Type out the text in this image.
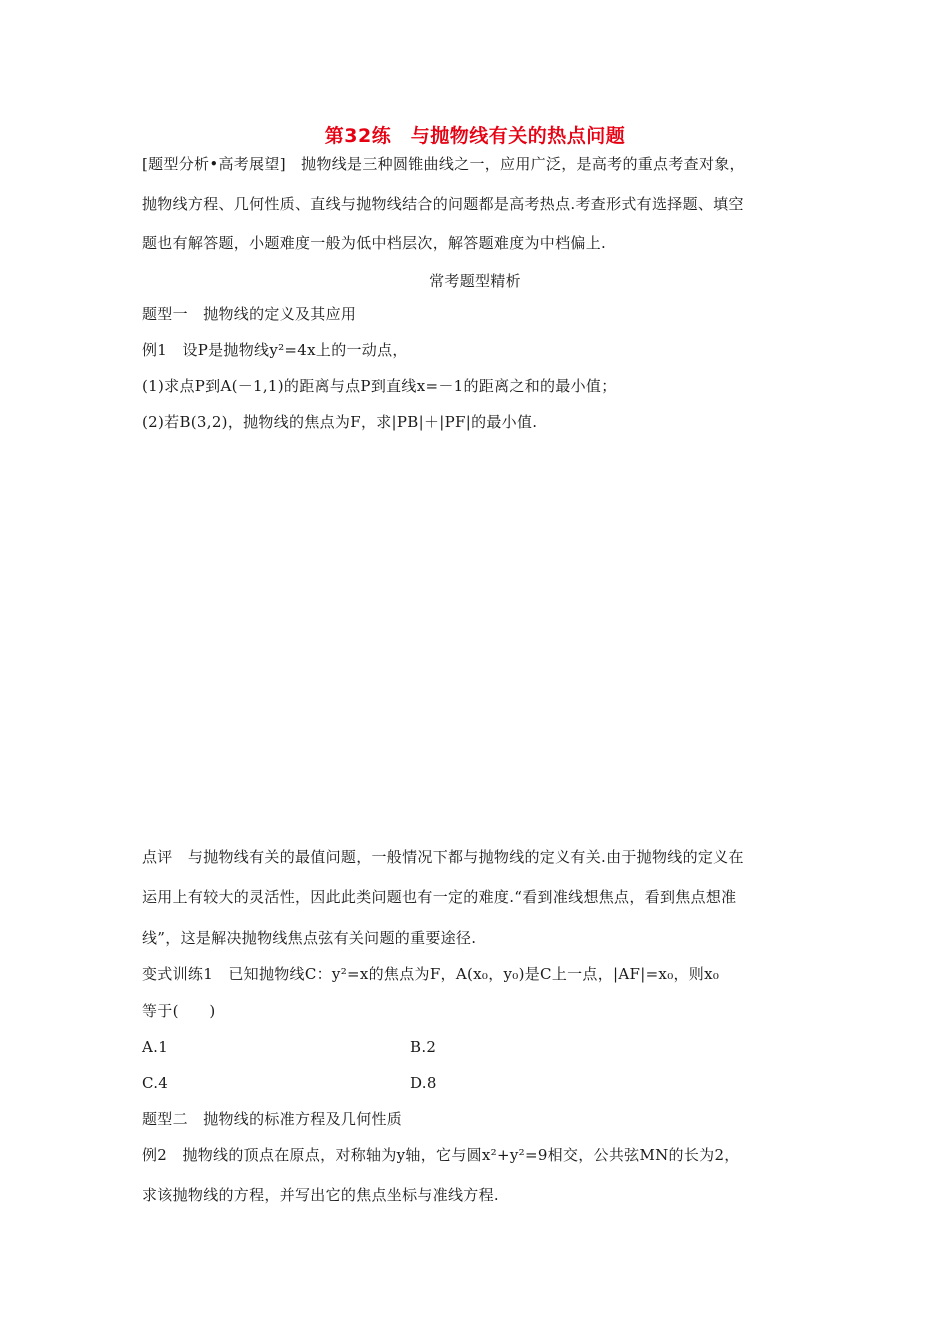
第32练　与抛物线有关的热点问题
[题型分析•高考展望]　抛物线是三种圆锥曲线之一，应用广泛，是高考的重点考查对象，
抛物线方程、几何性质、直线与抛物线结合的问题都是高考热点.考查形式有选择题、填空
题也有解答题，小题难度一般为低中档层次，解答题难度为中档偏上.
常考题型精析
题型一　抛物线的定义及其应用
例1　设P是抛物线y²=4x上的一动点，
(1)求点P到A(－1,1)的距离与点P到直线x=－1的距离之和的最小值；
(2)若B(3,2)，抛物线的焦点为F，求|PB|＋|PF|的最小值.
点评　与抛物线有关的最值问题，一般情况下都与抛物线的定义有关.由于抛物线的定义在
运用上有较大的灵活性，因此此类问题也有一定的难度.“看到准线想焦点，看到焦点想准
线”，这是解决抛物线焦点弦有关问题的重要途径.
变式训练1　已知抛物线C：y²=x的焦点为F，A(x₀，y₀)是C上一点，|AF|=x₀，则x₀
等于(　　)
A.1	B.2
C.4	D.8
题型二　抛物线的标准方程及几何性质
例2　抛物线的顶点在原点，对称轴为y轴，它与圆x²+y²=9相交，公共弦MN的长为2，
求该抛物线的方程，并写出它的焦点坐标与准线方程.
